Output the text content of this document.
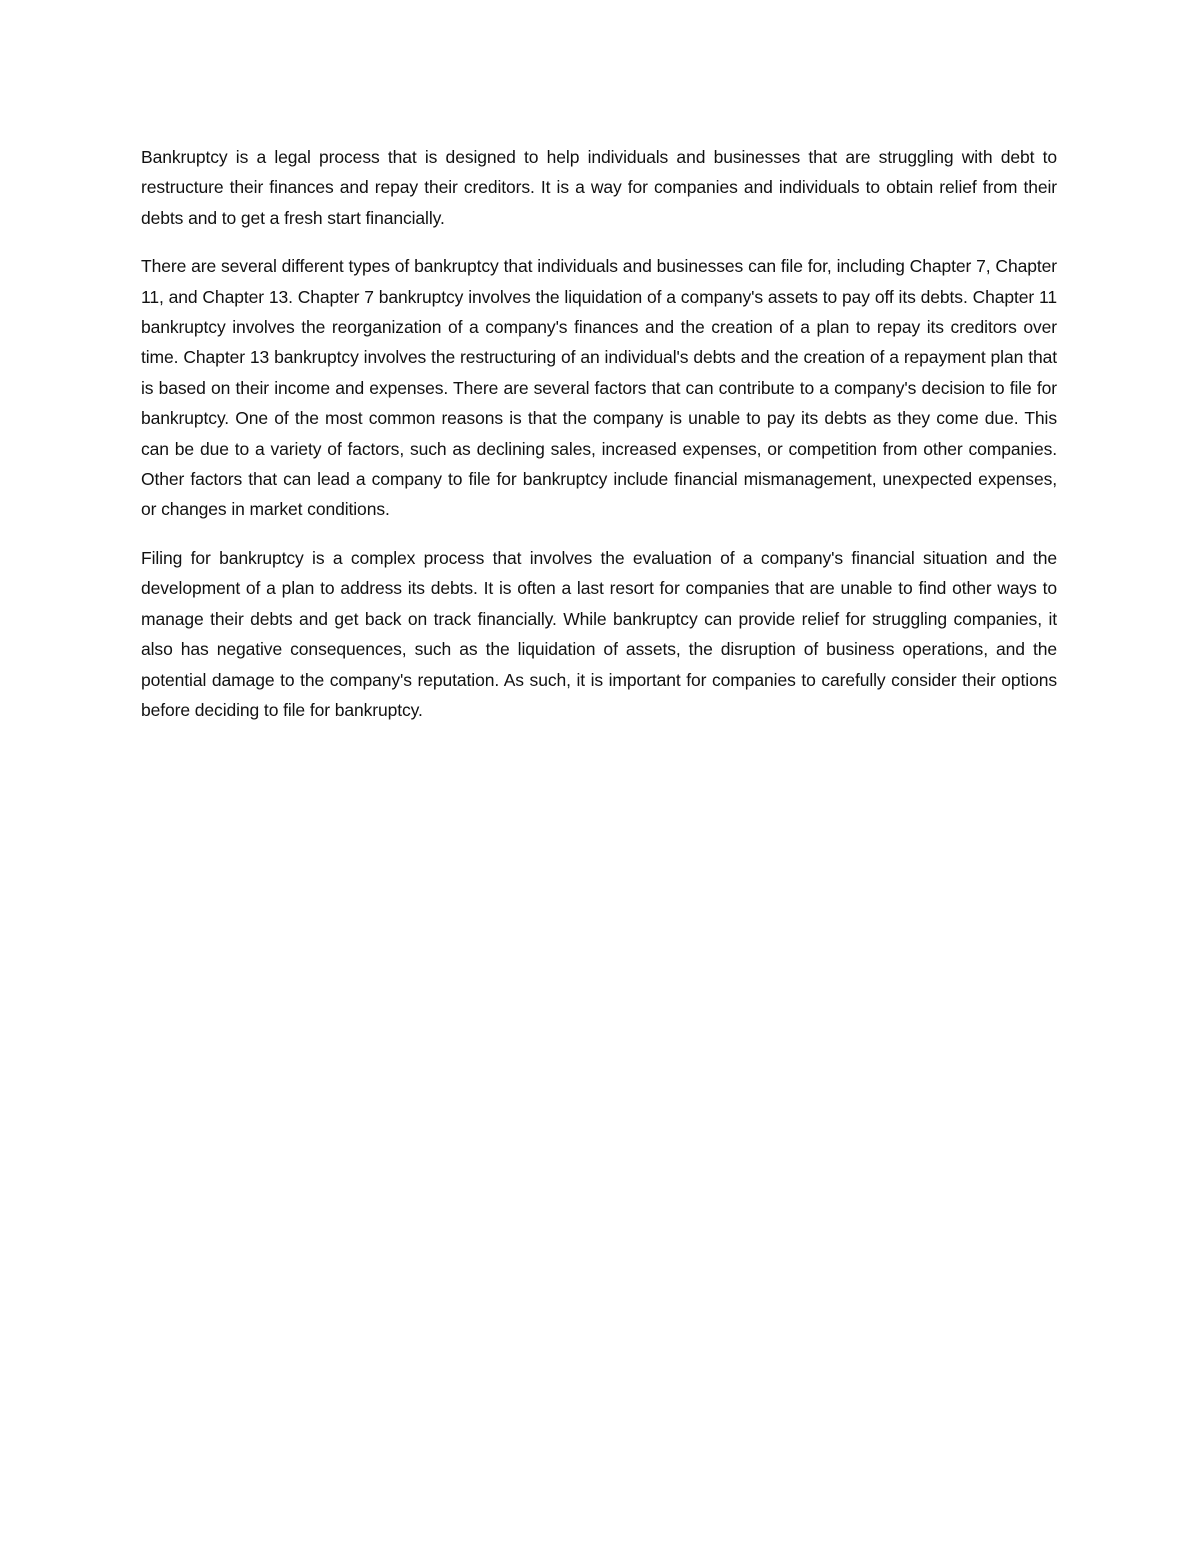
Bankruptcy is a legal process that is designed to help individuals and businesses that are struggling with debt to restructure their finances and repay their creditors. It is a way for companies and individuals to obtain relief from their debts and to get a fresh start financially.

There are several different types of bankruptcy that individuals and businesses can file for, including Chapter 7, Chapter 11, and Chapter 13. Chapter 7 bankruptcy involves the liquidation of a company's assets to pay off its debts. Chapter 11 bankruptcy involves the reorganization of a company's finances and the creation of a plan to repay its creditors over time. Chapter 13 bankruptcy involves the restructuring of an individual's debts and the creation of a repayment plan that is based on their income and expenses. There are several factors that can contribute to a company's decision to file for bankruptcy. One of the most common reasons is that the company is unable to pay its debts as they come due. This can be due to a variety of factors, such as declining sales, increased expenses, or competition from other companies. Other factors that can lead a company to file for bankruptcy include financial mismanagement, unexpected expenses, or changes in market conditions.

Filing for bankruptcy is a complex process that involves the evaluation of a company's financial situation and the development of a plan to address its debts. It is often a last resort for companies that are unable to find other ways to manage their debts and get back on track financially. While bankruptcy can provide relief for struggling companies, it also has negative consequences, such as the liquidation of assets, the disruption of business operations, and the potential damage to the company's reputation. As such, it is important for companies to carefully consider their options before deciding to file for bankruptcy.
